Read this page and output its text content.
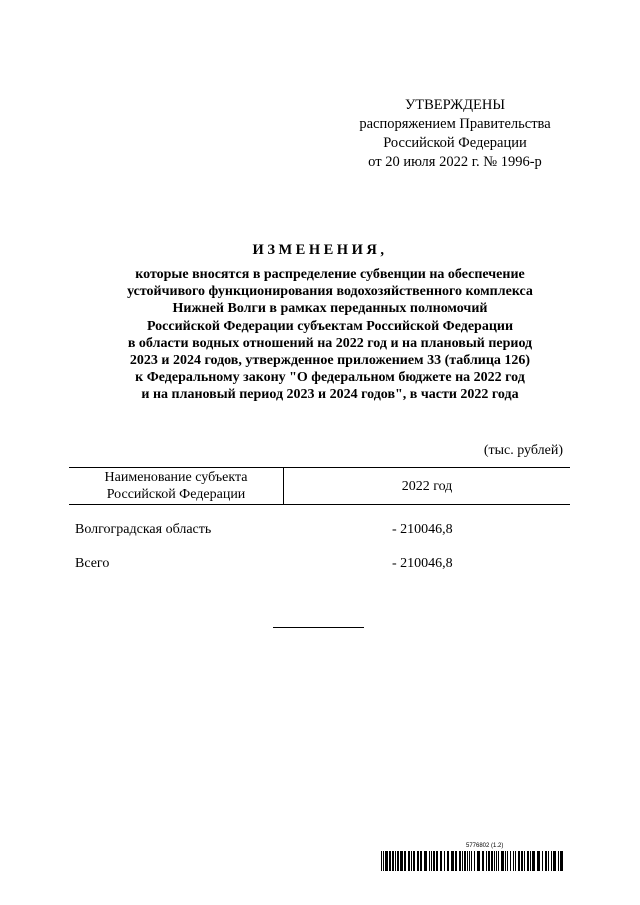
УТВЕРЖДЕНЫ
распоряжением Правительства
Российской Федерации
от 20 июля 2022 г. № 1996-р
ИЗМЕНЕНИЯ,
которые вносятся в распределение субвенции на обеспечение
устойчивого функционирования водохозяйственного комплекса
Нижней Волги в рамках переданных полномочий
Российской Федерации субъектам Российской Федерации
в области водных отношений на 2022 год и на плановый период
2023 и 2024 годов, утвержденное приложением 33 (таблица 126)
к Федеральному закону "О федеральном бюджете на 2022 год
и на плановый период 2023 и 2024 годов", в части 2022 года
(тыс. рублей)
Наименование субъекта
Российской Федерации
2022 год
Волгоградская область	- 210046,8
Всего	- 210046,8
5776802 (1.2)
